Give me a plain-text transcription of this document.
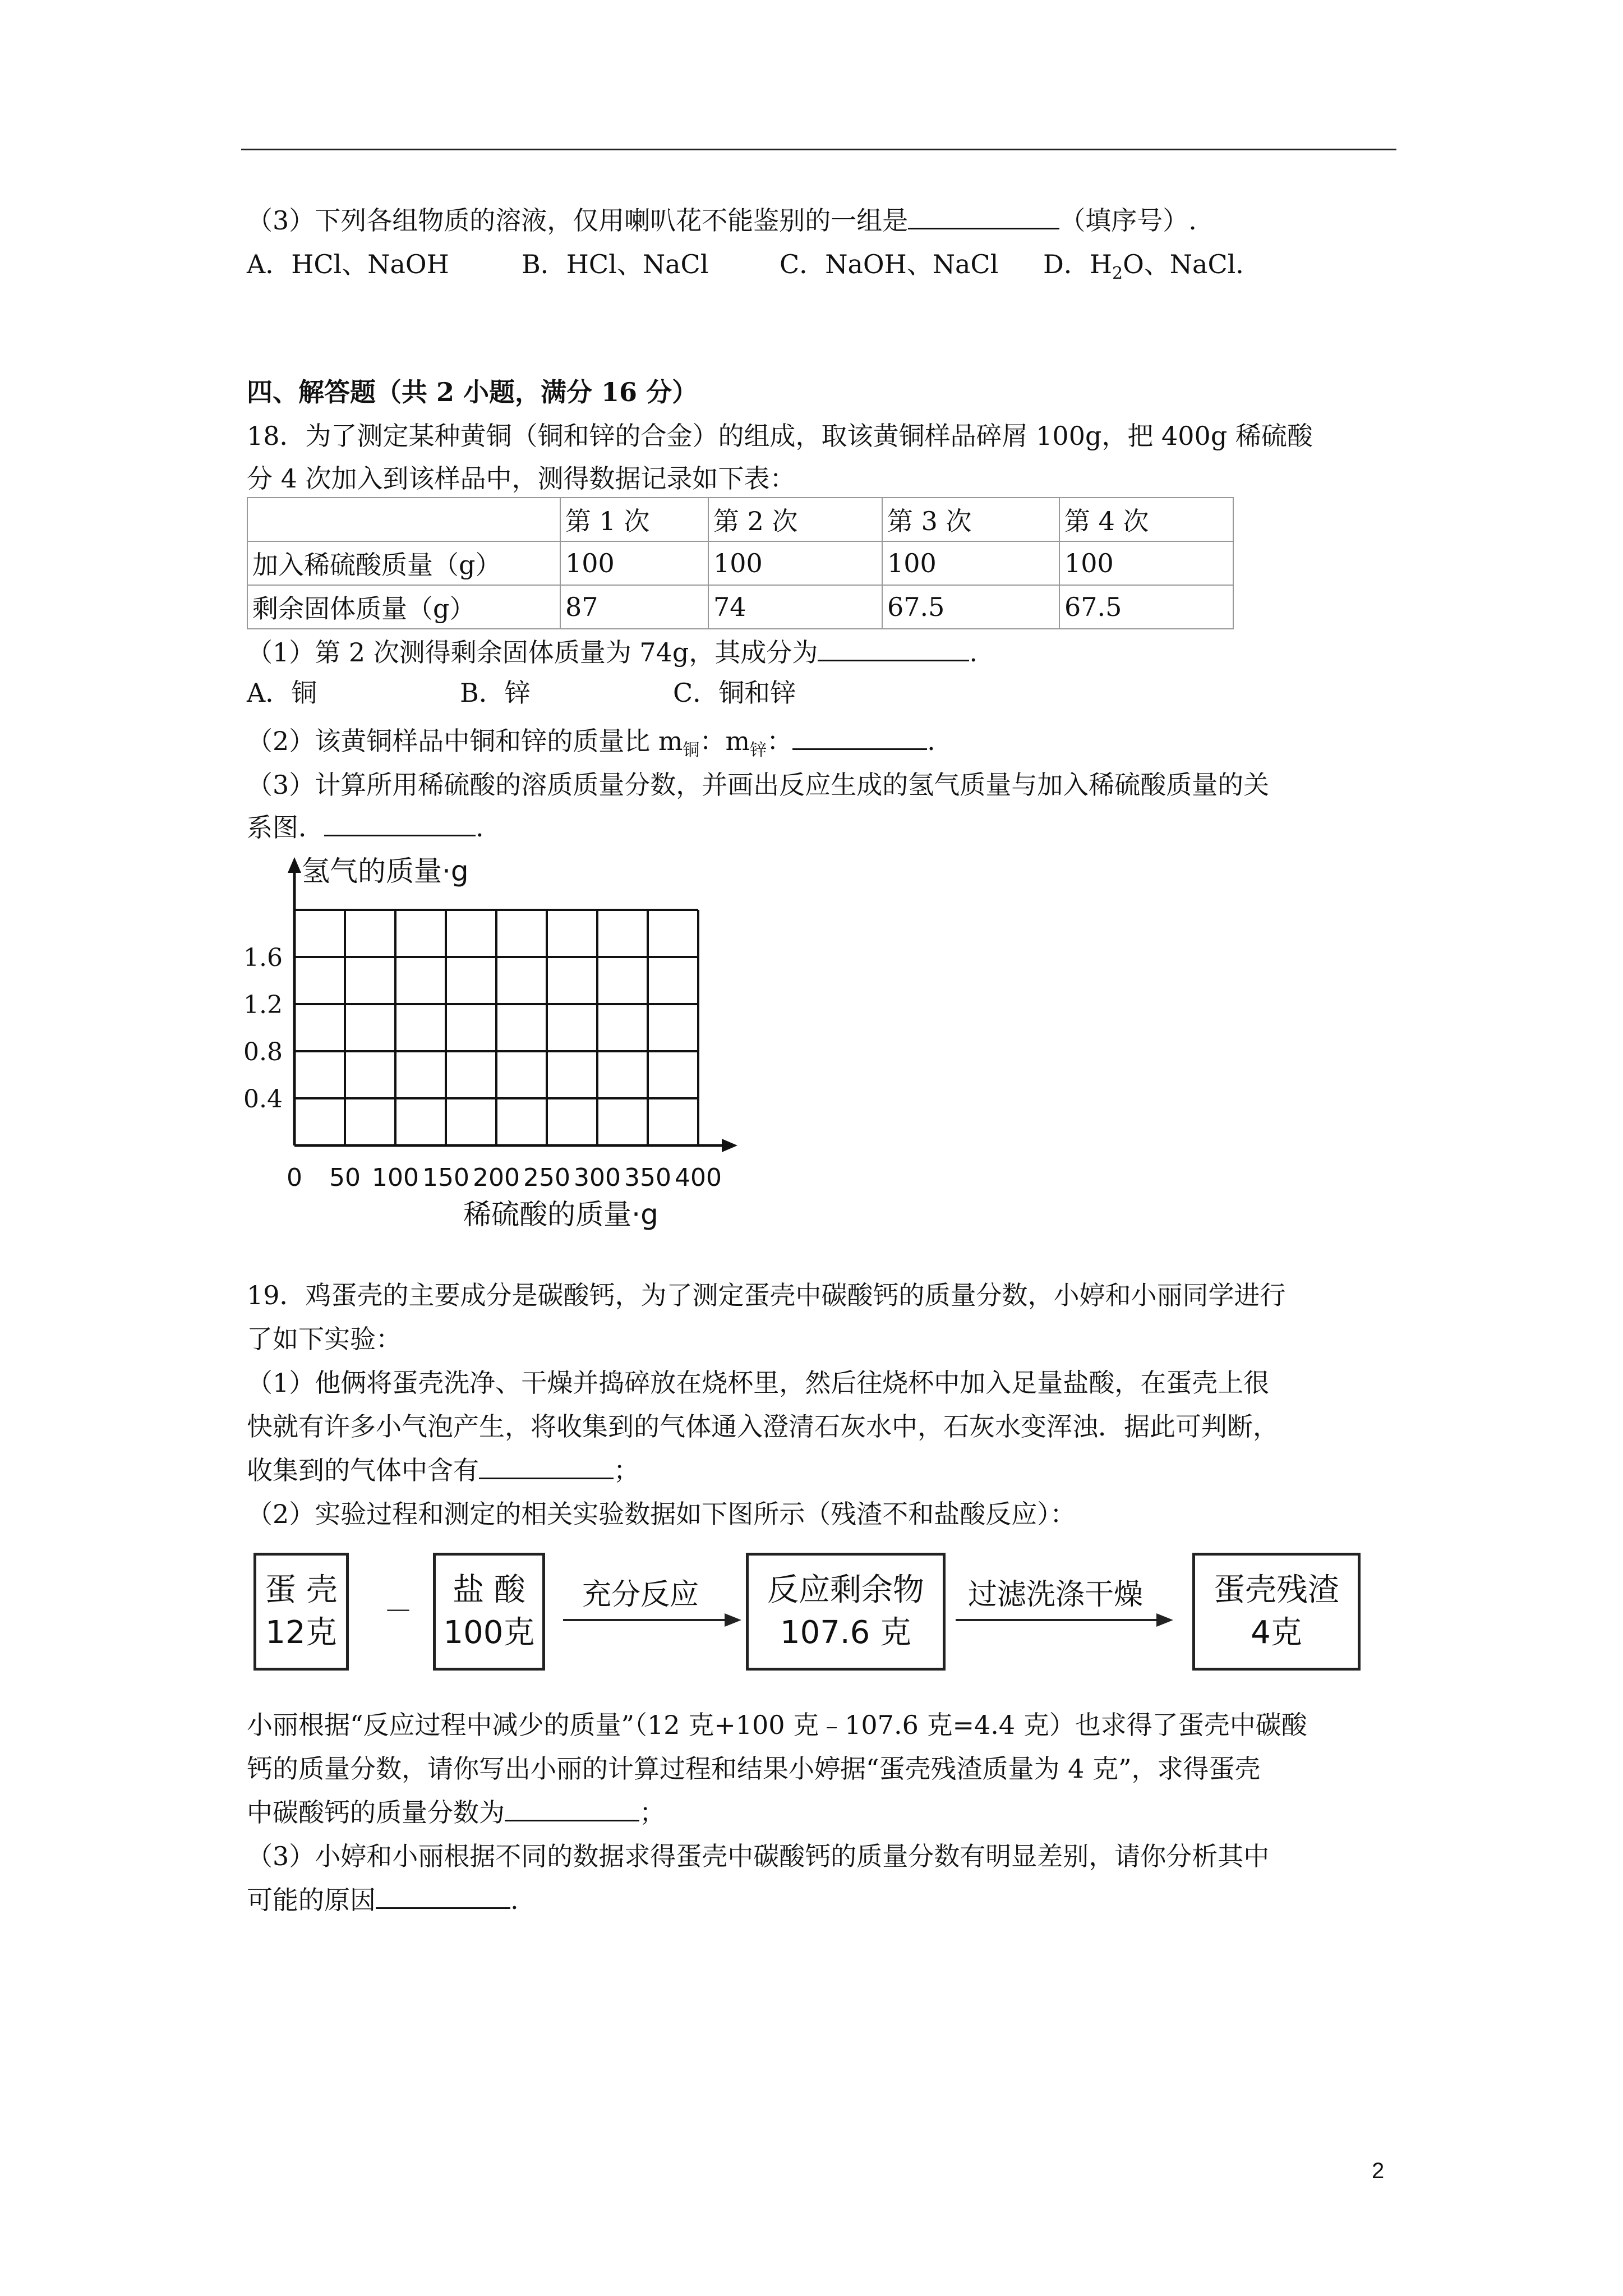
（3）下列各组物质的溶液，仅用喇叭花不能鉴别的一组是	（填序号）.
A．HCl、NaOH	B．HCl、NaCl	C．NaOH、NaCl D．$H_2O$、NaCl．
四、解答题（共 2 小题，满分 16 分）
18．为了测定某种黄铜（铜和锌的合金）的组成，取该黄铜样品碎屑 100g，把 400g 稀硫酸
分 4 次加入到该样品中，测得数据记录如下表：
	第 1 次	第 2 次	第 3 次	第 4 次
加入稀硫酸质量（g）	100	100	100	100
剩余固体质量（g）	87	74	67.5	67.5
（1）第 2 次测得剩余固体质量为 74g，其成分为	.
A．铜	B．锌	C．铜和锌
（2）该黄铜样品中铜和锌的质量比 $m_铜$：$m_锌$：	.
（3）计算所用稀硫酸的溶质质量分数，并画出反应生成的氢气质量与加入稀硫酸质量的关
系图．	.
氢气的质量·g
1.6
1.2
0.8
0.4
0 50 100 150 200 250 300 350 400
稀硫酸的质量·g
19．鸡蛋壳的主要成分是碳酸钙，为了测定蛋壳中碳酸钙的质量分数，小婷和小丽同学进行
了如下实验：
（1）他俩将蛋壳洗净、干燥并捣碎放在烧杯里，然后往烧杯中加入足量盐酸，在蛋壳上很
快就有许多小气泡产生，将收集到的气体通入澄清石灰水中，石灰水变浑浊．据此可判断，
收集到的气体中含有	；
（2）实验过程和测定的相关实验数据如下图所示（残渣不和盐酸反应）：
蛋 壳
12克
－
盐 酸
100克
充分反应	反应剩余物
107.6 克
过滤洗涤干燥	蛋壳残渣
4克
小丽根据“反应过程中减少的质量”（12 克+100 克﹣107.6 克=4.4 克）也求得了蛋壳中碳酸
钙的质量分数，请你写出小丽的计算过程和结果小婷据“蛋壳残渣质量为 4 克”，求得蛋壳
中碳酸钙的质量分数为	；
（3）小婷和小丽根据不同的数据求得蛋壳中碳酸钙的质量分数有明显差别，请你分析其中
可能的原因	.
2
